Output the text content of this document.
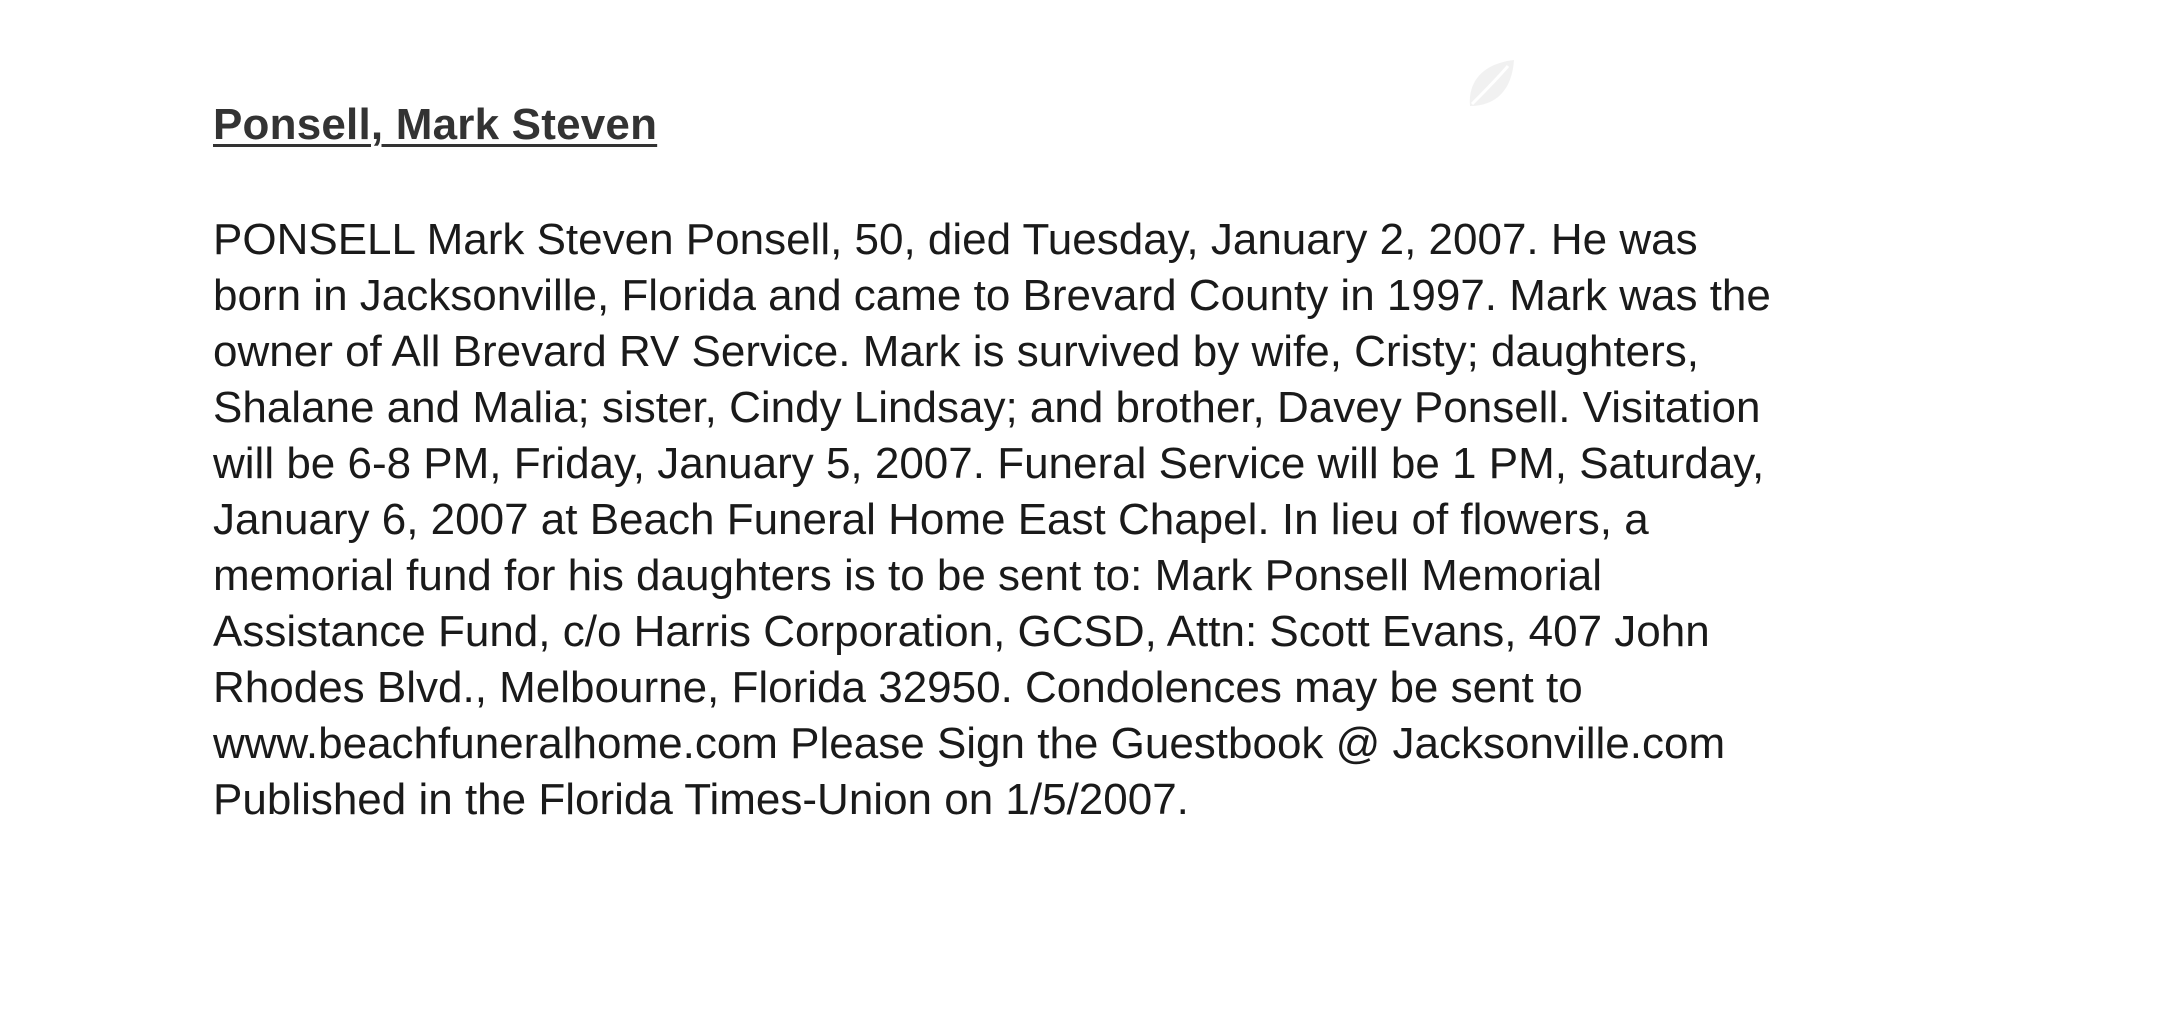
Ponsell, Mark Steven
PONSELL Mark Steven Ponsell, 50, died Tuesday, January 2, 2007. He was
born in Jacksonville, Florida and came to Brevard County in 1997. Mark was the
owner of All Brevard RV Service. Mark is survived by wife, Cristy; daughters,
Shalane and Malia; sister, Cindy Lindsay; and brother, Davey Ponsell. Visitation
will be 6-8 PM, Friday, January 5, 2007. Funeral Service will be 1 PM, Saturday,
January 6, 2007 at Beach Funeral Home East Chapel. In lieu of flowers, a
memorial fund for his daughters is to be sent to: Mark Ponsell Memorial
Assistance Fund, c/o Harris Corporation, GCSD, Attn: Scott Evans, 407 John
Rhodes Blvd., Melbourne, Florida 32950. Condolences may be sent to
www.beachfuneralhome.com Please Sign the Guestbook @ Jacksonville.com
Published in the Florida Times-Union on 1/5/2007.
